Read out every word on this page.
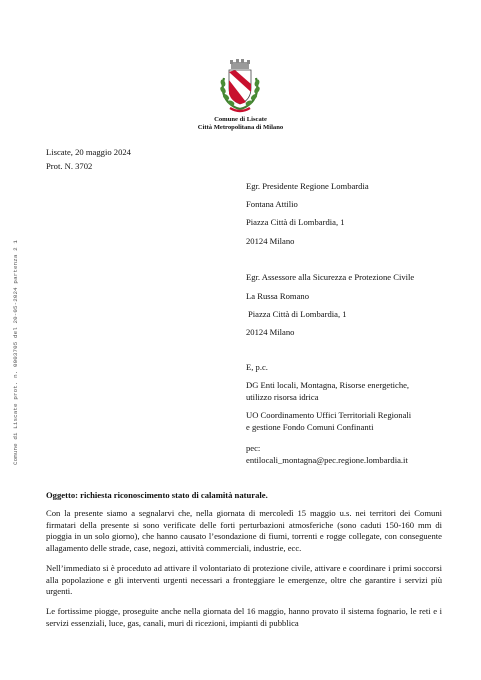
Comune di Liscate
Città Metropolitana di Milano
Comune di Liscate prot. n. 0003705 del 20-05-2024 partenza 2 1
Liscate, 20 maggio 2024
Prot. N. 3702
Egr. Presidente Regione Lombardia
Fontana Attilio
Piazza Città di Lombardia, 1
20124 Milano
Egr. Assessore alla Sicurezza e Protezione Civile
La Russa Romano
Piazza Città di Lombardia, 1
20124 Milano
E, p.c.
DG Enti locali, Montagna, Risorse energetiche,
utilizzo risorsa idrica
UO Coordinamento Uffici Territoriali Regionali
e gestione Fondo Comuni Confinanti
pec:
entilocali_montagna@pec.regione.lombardia.it
Oggetto: richiesta riconoscimento stato di calamità naturale.
Con la presente siamo a segnalarvi che, nella giornata di mercoledì 15 maggio u.s. nei territori dei Comuni firmatari della presente si sono verificate delle forti perturbazioni atmosferiche (sono caduti 150-160 mm di pioggia in un solo giorno), che hanno causato l’esondazione di fiumi, torrenti e rogge collegate, con conseguente allagamento delle strade, case, negozi, attività commerciali, industrie, ecc.
Nell’immediato si è proceduto ad attivare il volontariato di protezione civile, attivare e coordinare i primi soccorsi alla popolazione e gli interventi urgenti necessari a fronteggiare le emergenze, oltre che garantire i servizi più urgenti.
Le fortissime piogge, proseguite anche nella giornata del 16 maggio, hanno provato il sistema fognario, le reti e i servizi essenziali, luce, gas, canali, muri di ricezioni, impianti di pubblica
